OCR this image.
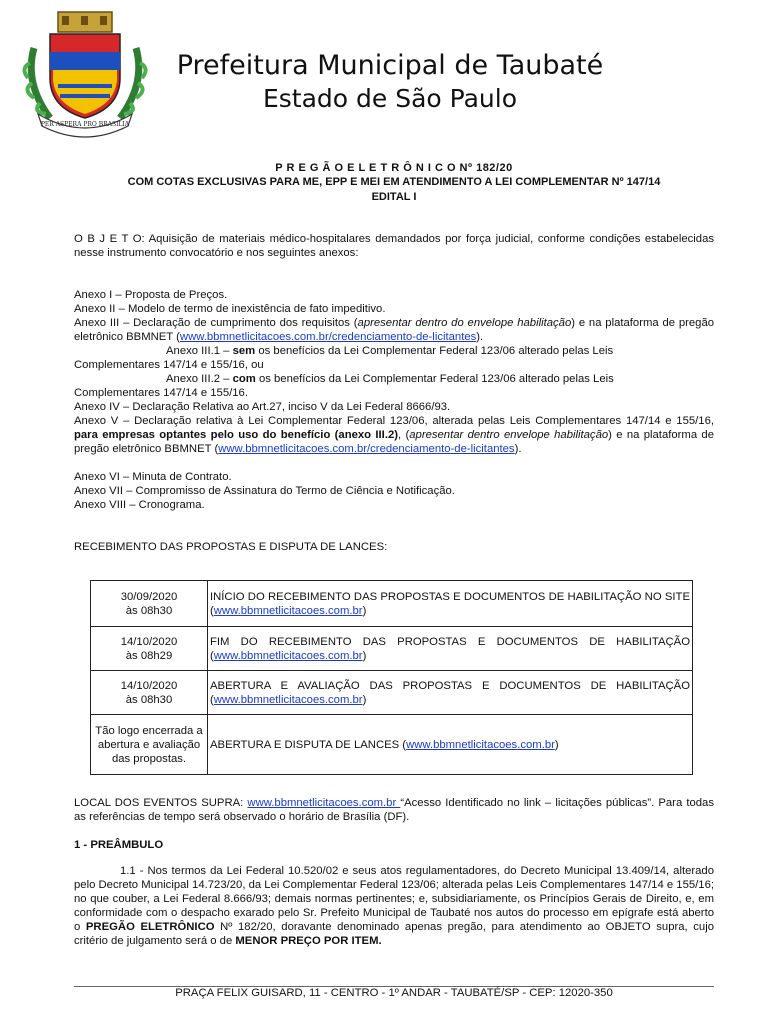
PER ASPERA PRO BRASILIA
Prefeitura Municipal de Taubaté
Estado de São Paulo
P R E G Ã O E L E T R Ô N I C O Nº 182/20
COM COTAS EXCLUSIVAS PARA ME, EPP E MEI EM ATENDIMENTO A LEI COMPLEMENTAR Nº 147/14
EDITAL I
O B J E T O: Aquisição de materiais médico-hospitalares demandados por força judicial, conforme condições estabelecidas nesse instrumento convocatório e nos seguintes anexos:
Anexo I – Proposta de Preços.
Anexo II – Modelo de termo de inexistência de fato impeditivo.
Anexo III – Declaração de cumprimento dos requisitos (apresentar dentro do envelope habilitação) e na plataforma de pregão eletrônico BBMNET (www.bbmnetlicitacoes.com.br/credenciamento-de-licitantes).
Anexo III.1 – sem os benefícios da Lei Complementar Federal 123/06 alterado pelas Leis
Complementares 147/14 e 155/16, ou
Anexo III.2 – com os benefícios da Lei Complementar Federal 123/06 alterado pelas Leis
Complementares 147/14 e 155/16.
Anexo IV – Declaração Relativa ao Art.27, inciso V da Lei Federal 8666/93.
Anexo V – Declaração relativa à Lei Complementar Federal 123/06, alterada pelas Leis Complementares 147/14 e 155/16, para empresas optantes pelo uso do benefício (anexo III.2), (apresentar dentro envelope habilitação) e na plataforma de pregão eletrônico BBMNET (www.bbmnetlicitacoes.com.br/credenciamento-de-licitantes).
Anexo VI – Minuta de Contrato.
Anexo VII – Compromisso de Assinatura do Termo de Ciência e Notificação.
Anexo VIII – Cronograma.
RECEBIMENTO DAS PROPOSTAS E DISPUTA DE LANCES:
30/09/2020
às 08h30	INÍCIO DO RECEBIMENTO DAS PROPOSTAS E DOCUMENTOS DE HABILITAÇÃO NO SITE (www.bbmnetlicitacoes.com.br)
14/10/2020
às 08h29	FIM DO RECEBIMENTO DAS PROPOSTAS E DOCUMENTOS DE HABILITAÇÃO (www.bbmnetlicitacoes.com.br)
14/10/2020
às 08h30	ABERTURA E AVALIAÇÃO DAS PROPOSTAS E DOCUMENTOS DE HABILITAÇÃO (www.bbmnetlicitacoes.com.br)
Tão logo encerrada a abertura e avaliação das propostas.	ABERTURA E DISPUTA DE LANCES (www.bbmnetlicitacoes.com.br)
LOCAL DOS EVENTOS SUPRA: www.bbmnetlicitacoes.com.br “Acesso Identificado no link – licitações públicas”. Para todas as referências de tempo será observado o horário de Brasília (DF).
1 - PREÂMBULO
1.1 - Nos termos da Lei Federal 10.520/02 e seus atos regulamentadores, do Decreto Municipal 13.409/14, alterado pelo Decreto Municipal 14.723/20, da Lei Complementar Federal 123/06; alterada pelas Leis Complementares 147/14 e 155/16; no que couber, a Lei Federal 8.666/93; demais normas pertinentes; e, subsidiariamente, os Princípios Gerais de Direito, e, em conformidade com o despacho exarado pelo Sr. Prefeito Municipal de Taubaté nos autos do processo em epígrafe está aberto o PREGÃO ELETRÔNICO Nº 182/20, doravante denominado apenas pregão, para atendimento ao OBJETO supra, cujo critério de julgamento será o de MENOR PREÇO POR ITEM.
PRAÇA FELIX GUISARD, 11 - CENTRO - 1º ANDAR - TAUBATÉ/SP - CEP: 12020-350
